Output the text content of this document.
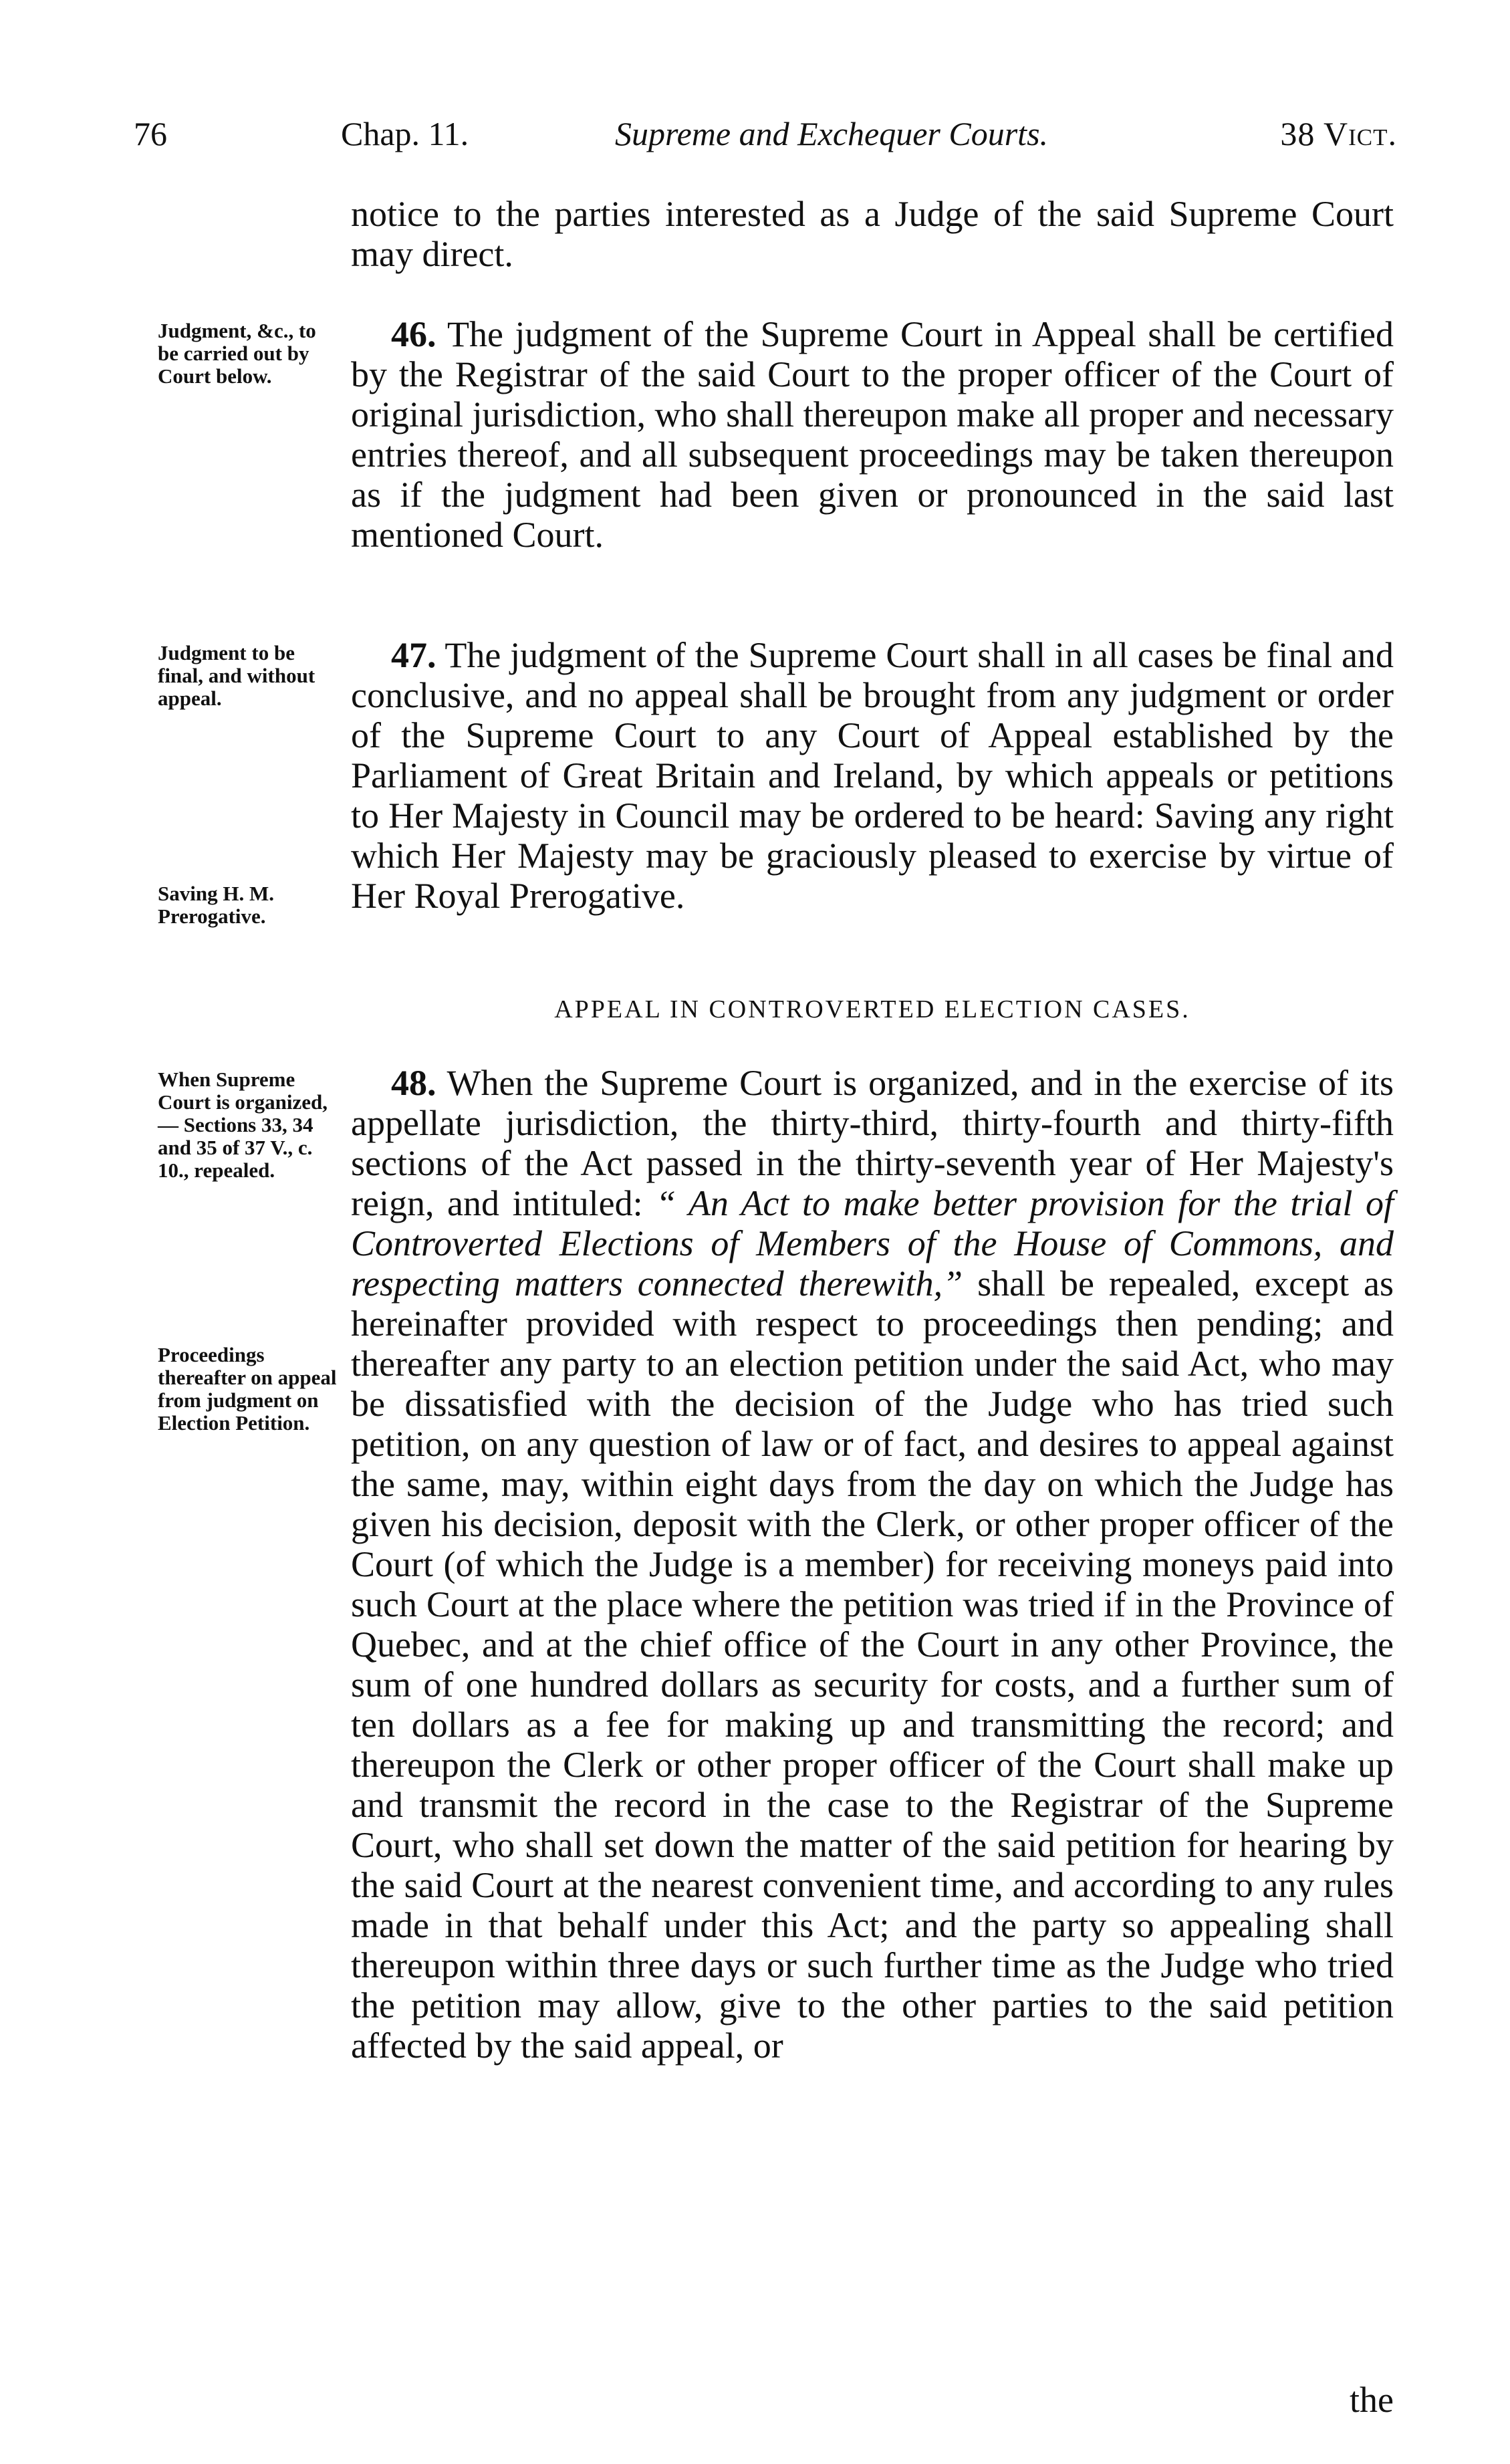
76	Chap. 11.	Supreme and Exchequer Courts.	38 Vict.

notice to the parties interested as a Judge of the said Supreme Court may direct.

Judgment, &c., to be carried out by Court below.

46. The judgment of the Supreme Court in Appeal shall be certified by the Registrar of the said Court to the proper officer of the Court of original jurisdiction, who shall thereupon make all proper and necessary entries thereof, and all subsequent proceedings may be taken thereupon as if the judgment had been given or pronounced in the said last mentioned Court.

Judgment to be final, and without appeal.
Saving H. M. Prerogative.

47. The judgment of the Supreme Court shall in all cases be final and conclusive, and no appeal shall be brought from any judgment or order of the Supreme Court to any Court of Appeal established by the Parliament of Great Britain and Ireland, by which appeals or petitions to Her Majesty in Council may be ordered to be heard: Saving any right which Her Majesty may be graciously pleased to exercise by virtue of Her Royal Prerogative.

APPEAL IN CONTROVERTED ELECTION CASES.
When Supreme Court is organized,— Sections 33, 34 and 35 of 37 V., c. 10., repealed.
Proceedings thereafter on appeal from judgment on Election Petition.

48. When the Supreme Court is organized, and in the exercise of its appellate jurisdiction, the thirty-third, thirty-fourth and thirty-fifth sections of the Act passed in the thirty-seventh year of Her Majesty's reign, and intituled: “ An Act to make better provision for the trial of Controverted Elections of Members of the House of Commons, and respecting matters connected therewith,” shall be repealed, except as hereinafter provided with respect to proceedings then pending; and thereafter any party to an election petition under the said Act, who may be dissatisfied with the decision of the Judge who has tried such petition, on any question of law or of fact, and desires to appeal against the same, may, within eight days from the day on which the Judge has given his decision, deposit with the Clerk, or other proper officer of the Court (of which the Judge is a member) for receiving moneys paid into such Court at the place where the petition was tried if in the Province of Quebec, and at the chief office of the Court in any other Province, the sum of one hundred dollars as security for costs, and a further sum of ten dollars as a fee for making up and transmitting the record; and thereupon the Clerk or other proper officer of the Court shall make up and transmit the record in the case to the Registrar of the Supreme Court, who shall set down the matter of the said petition for hearing by the said Court at the nearest convenient time, and according to any rules made in that behalf under this Act; and the party so appealing shall thereupon within three days or such further time as the Judge who tried the petition may allow, give to the other parties to the said petition affected by the said appeal, or

the
